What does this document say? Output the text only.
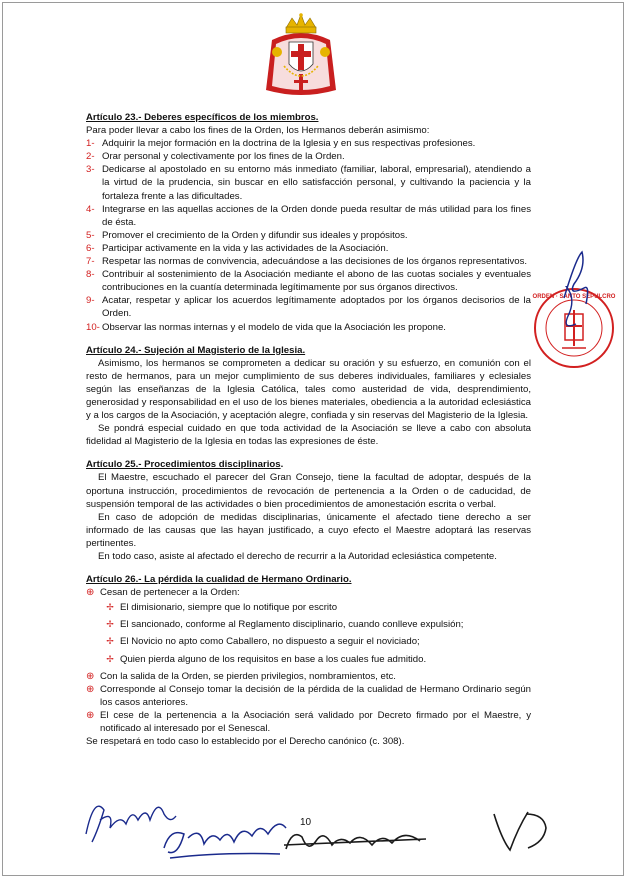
Artículo 23.- Deberes específicos de los miembros.

Para poder llevar a cabo los fines de la Orden, los Hermanos deberán asimismo:

1- Adquirir la mejor formación en la doctrina de la Iglesia y en sus respectivas profesiones.
2- Orar personal y colectivamente por los fines de la Orden.
3- Dedicarse al apostolado en su entorno más inmediato (familiar, laboral, empresarial), atendiendo a la virtud de la prudencia, sin buscar en ello satisfacción personal, y cultivando la paciencia y la fortaleza frente a las dificultades.
4- Integrarse en las aquellas acciones de la Orden donde pueda resultar de más utilidad para los fines de ésta.
5- Promover el crecimiento de la Orden y difundir sus ideales y propósitos.
6- Participar activamente en la vida y las actividades de la Asociación.
7- Respetar las normas de convivencia, adecuándose a las decisiones de los órganos representativos.
8- Contribuir al sostenimiento de la Asociación mediante el abono de las cuotas sociales y eventuales contribuciones en la cuantía determinada legítimamente por sus órganos directivos.
9- Acatar, respetar y aplicar los acuerdos legítimamente adoptados por los órganos decisorios de la Orden.
10- Observar las normas internas y el modelo de vida que la Asociación les propone.

Artículo 24.- Sujeción al Magisterio de la Iglesia.

Asimismo, los hermanos se comprometen a dedicar su oración y su esfuerzo, en comunión con el resto de hermanos, para un mejor cumplimiento de sus deberes individuales, familiares y eclesiales según las enseñanzas de la Iglesia Católica, tales como austeridad de vida, desprendimiento, generosidad y responsabilidad en el uso de los bienes materiales, obediencia a la autoridad eclesiástica y a los cargos de la Asociación, y aceptación alegre, confiada y sin reservas del Magisterio de la Iglesia.

Se pondrá especial cuidado en que toda actividad de la Asociación se lleve a cabo con absoluta fidelidad al Magisterio de la Iglesia en todas las expresiones de éste.

Artículo 25.- Procedimientos disciplinarios.

El Maestre, escuchado el parecer del Gran Consejo, tiene la facultad de adoptar, después de la oportuna instrucción, procedimientos de revocación de pertenencia a la Orden o de caducidad, de suspensión temporal de las actividades o bien procedimientos de amonestación escrita o verbal.

En caso de adopción de medidas disciplinarias, únicamente el afectado tiene derecho a ser informado de las causas que las hayan justificado, a cuyo efecto el Maestre adoptará las reservas pertinentes.

En todo caso, asiste al afectado el derecho de recurrir a la Autoridad eclesiástica competente.

Artículo 26.- La pérdida la cualidad de Hermano Ordinario.

⊕ Cesan de pertenecer a la Orden:
✢ El dimisionario, siempre que lo notifique por escrito
✢ El sancionado, conforme al Reglamento disciplinario, cuando conlleve expulsión;
✢ El Novicio no apto como Caballero, no dispuesto a seguir el noviciado;
✢ Quien pierda alguno de los requisitos en base a los cuales fue admitido.
⊕ Con la salida de la Orden, se pierden privilegios, nombramientos, etc.
⊕ Corresponde al Consejo tomar la decisión de la pérdida de la cualidad de Hermano Ordinario según los casos anteriores.
⊕ El cese de la pertenencia a la Asociación será validado por Decreto firmado por el Maestre, y notificado al interesado por el Senescal.

Se respetará en todo caso lo establecido por el Derecho canónico (c. 308).

ORDEN · SANTO SEPULCRO
10
